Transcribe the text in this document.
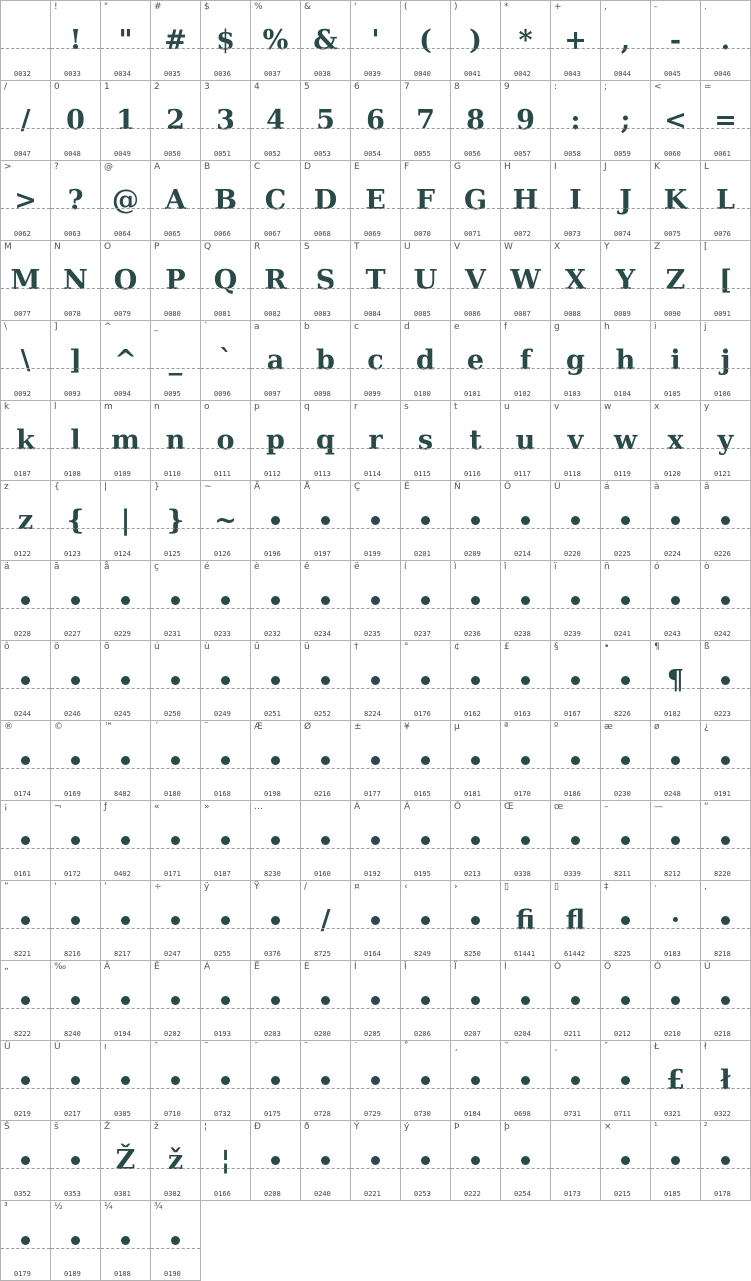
0032
!
!
0033
"
"
0034
#
#
0035
$
$
0036
%
%
0037
&
&
0038
'
'
0039
(
(
0040
)
)
0041
*
*
0042
+
+
0043
,
,
0044
-
-
0045
.
.
0046
/
/
0047
0
0
0048
1
1
0049
2
2
0050
3
3
0051
4
4
0052
5
5
0053
6
6
0054
7
7
0055
8
8
0056
9
9
0057
:
:
0058
;
;
0059
<
<
0060
=
=
0061
>
>
0062
?
?
0063
@
@
0064
A
A
0065
B
B
0066
C
C
0067
D
D
0068
E
E
0069
F
F
0070
G
G
0071
H
H
0072
I
I
0073
J
J
0074
K
K
0075
L
L
0076
M
M
0077
N
N
0078
O
O
0079
P
P
0080
Q
Q
0081
R
R
0082
S
S
0083
T
T
0084
U
U
0085
V
V
0086
W
W
0087
X
X
0088
Y
Y
0089
Z
Z
0090
[
[
0091
\
\
0092
]
]
0093
^
^
0094
_
_
0095
`
`
0096
a
a
0097
b
b
0098
c
c
0099
d
d
0100
e
e
0101
f
f
0102
g
g
0103
h
h
0104
i
i
0105
j
j
0106
k
k
0107
l
l
0108
m
m
0109
n
n
0110
o
o
0111
p
p
0112
q
q
0113
r
r
0114
s
s
0115
t
t
0116
u
u
0117
v
v
0118
w
w
0119
x
x
0120
y
y
0121
z
z
0122
{
{
0123
|
|
0124
}
}
0125
~
~
0126
Ä
0196
Å
0197
Ç
0199
É
0201
Ñ
0209
Ö
0214
Ü
0220
á
0225
à
0224
â
0226
ä
0228
ã
0227
å
0229
ç
0231
é
0233
è
0232
ê
0234
ë
0235
í
0237
ì
0236
î
0238
ï
0239
ñ
0241
ó
0243
ò
0242
ô
0244
ö
0246
õ
0245
ú
0250
ù
0249
û
0251
ü
0252
†
8224
°
0176
¢
0162
£
0163
§
0167
•
8226
¶
¶
0182
ß
0223
®
0174
©
0169
™
8482
´
0180
¨
0168
Æ
0198
Ø
0216
±
0177
¥
0165
µ
0181
ª
0170
º
0186
æ
0230
ø
0248
¿
0191
¡
0161
¬
0172
ƒ
0402
«
0171
»
0187
…
8230	0160
À
0192
Ã
0195
Õ
0213
Œ
0338
œ
0339
–
8211
—
8212
“
8220
”
8221
‘
8216
’
8217
÷
0247
ÿ
0255
Ÿ
0376
/
/
8725
¤
0164
‹
8249
›
8250
▯
ﬁ
61441
▯
ﬂ
61442
‡
8225
·
·
0183
‚
8218
„
8222
‰
8240
Â
0194
Ê
0202
Á
0193
Ë
0203
È
0200
Í
0205
Î
0206
Ï
0207
Ì
0204
Ó
0211
Ô
0212
Ò
0210
Ú
0218
Û
0219
Ù
0217
ı
0305
ˆ
0710
˜
0732
¯
0175
˘
0728
˙
0729
˚
0730
¸
0184
˝
0698
˛
0731
ˇ
0711
Ł
£
0321
ł
ł
0322
Š
0352
š
0353
Ž
Ž
0381
ž
ž
0382
¦
¦
0166
Ð
0208
ð
0240
Ý
0221
ý
0253
Þ
0222
þ
0254	0173
×
0215
¹
0185
²
0178
³
0179
½
0189
¼
0188
¾
0190
